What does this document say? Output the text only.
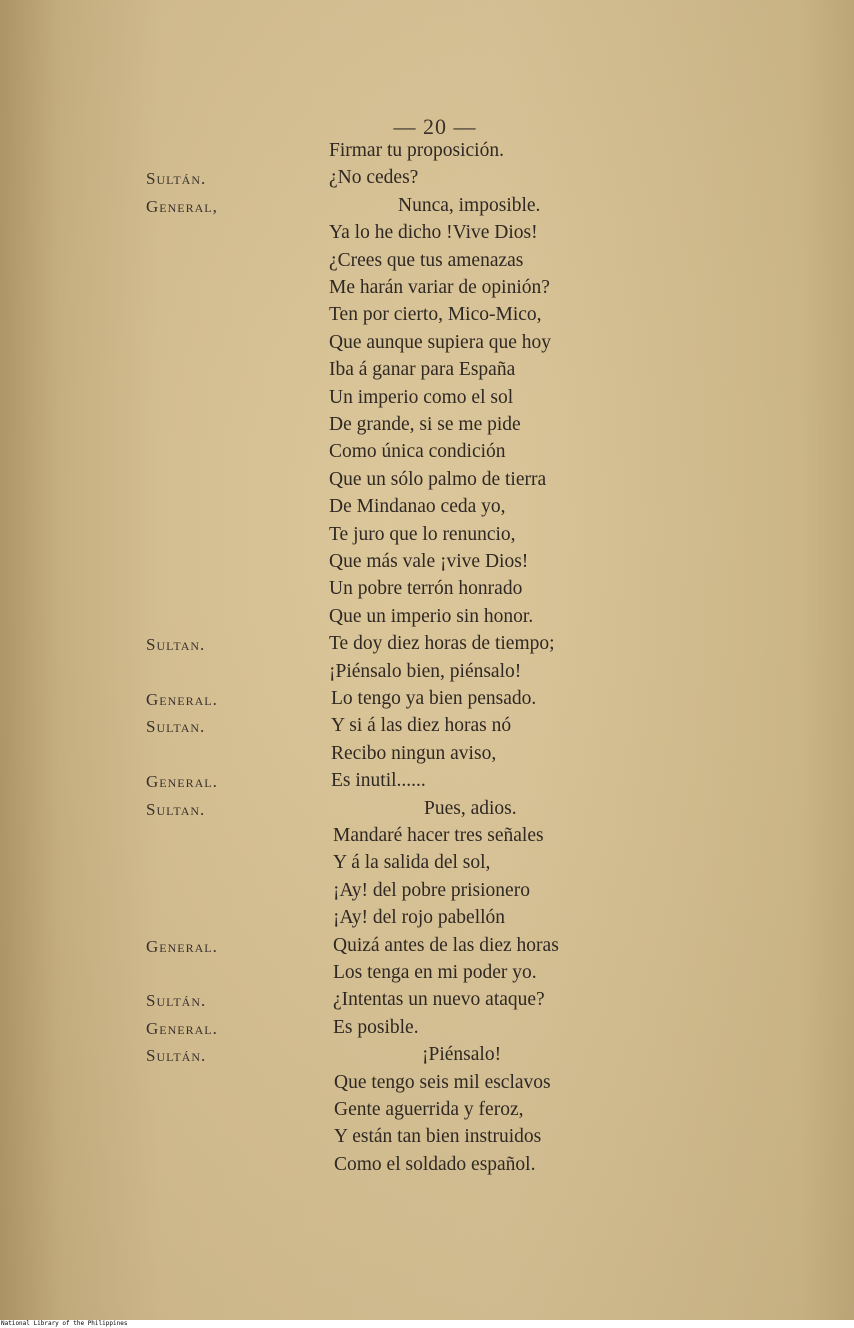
— 20 —
Firmar tu proposición.
Sultán.	¿No cedes?
General,	Nunca, imposible.
Ya lo he dicho !Vive Dios!
¿Crees que tus amenazas
Me harán variar de opinión?
Ten por cierto, Mico-Mico,
Que aunque supiera que hoy
Iba á ganar para España
Un imperio como el sol
De grande, si se me pide
Como única condición
Que un sólo palmo de tierra
De Mindanao ceda yo,
Te juro que lo renuncio,
Que más vale ¡vive Dios!
Un pobre terrón honrado
Que un imperio sin honor.
Sultan.	Te doy diez horas de tiempo;
¡Piénsalo bien, piénsalo!
General.	Lo tengo ya bien pensado.
Sultan.	Y si á las diez horas nó
Recibo ningun aviso,
General.	Es inutil......
Sultan.	Pues, adios.
Mandaré hacer tres señales
Y á la salida del sol,
¡Ay! del pobre prisionero
¡Ay! del rojo pabellón
General.	Quizá antes de las diez horas
Los tenga en mi poder yo.
Sultán.	¿Intentas un nuevo ataque?
General.	Es posible.
Sultán.	¡Piénsalo!
Que tengo seis mil esclavos
Gente aguerrida y feroz,
Y están tan bien instruidos
Como el soldado español.
National Library of the Philippines
